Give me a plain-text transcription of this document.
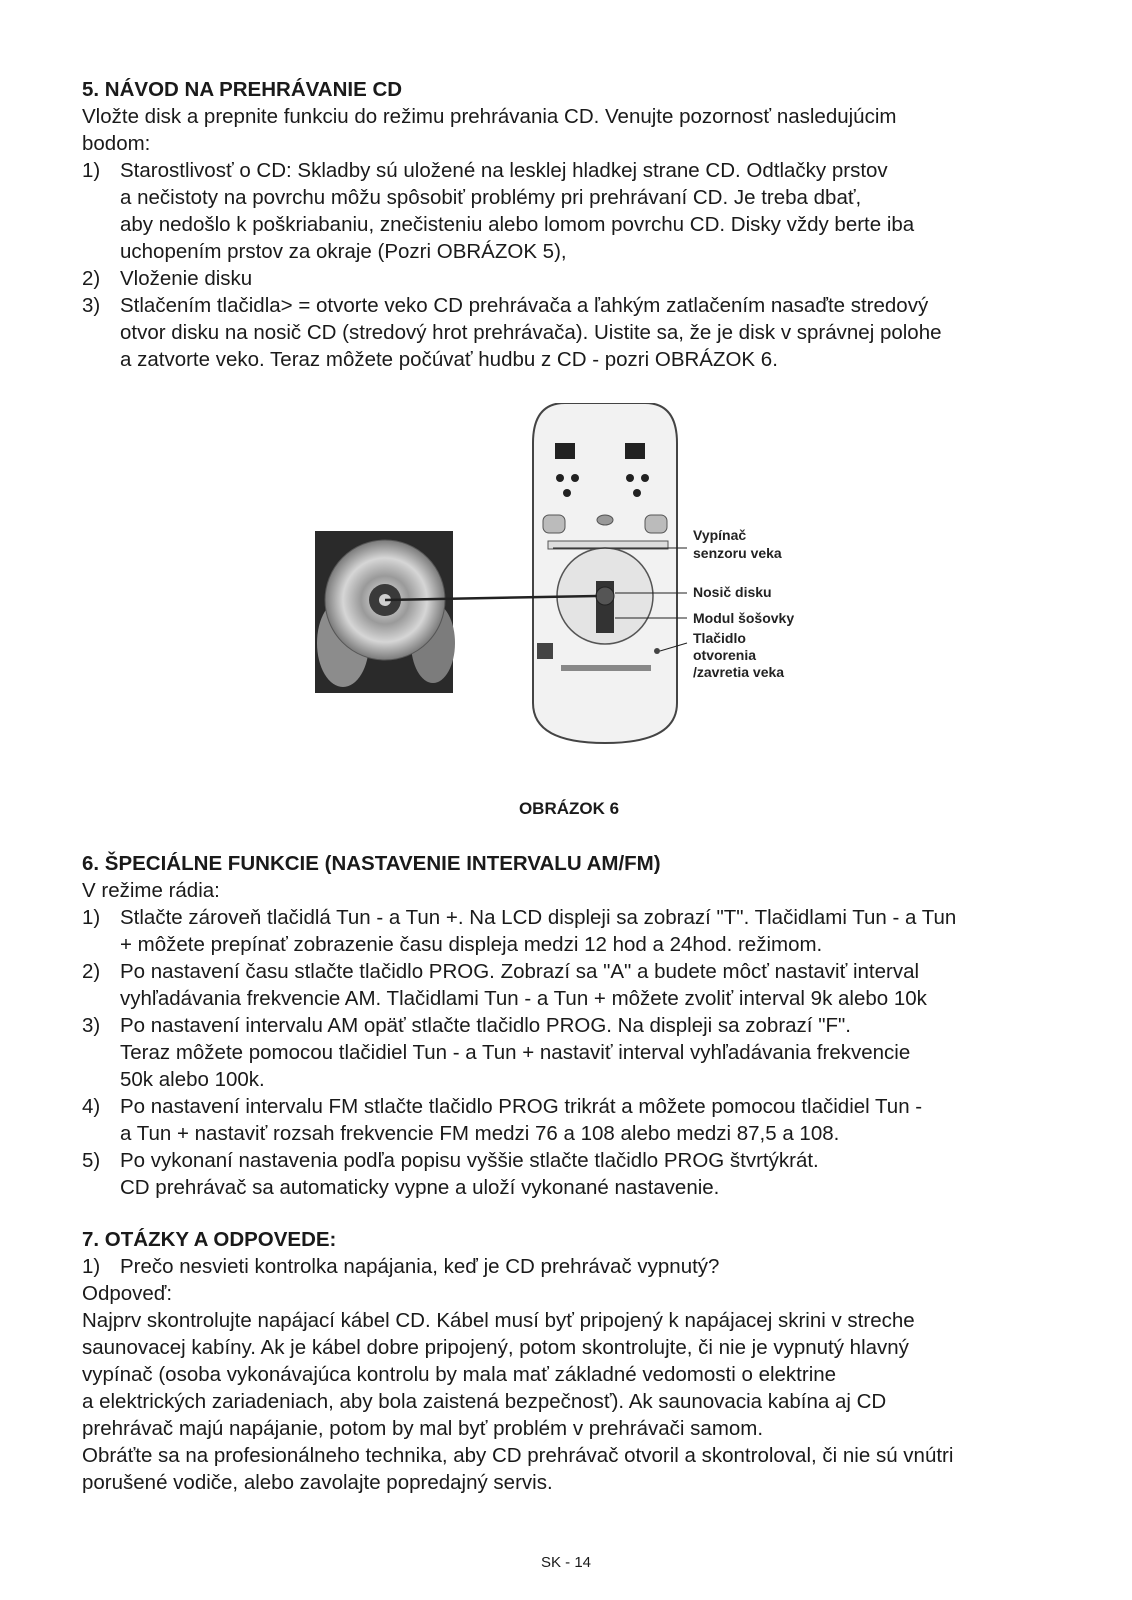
5. NÁVOD NA PREHRÁVANIE CD

Vložte disk a prepnite funkciu do režimu prehrávania CD. Venujte pozornosť nasledujúcim

bodom:

1) Starostlivosť o CD: Skladby sú uložené na lesklej hladkej strane CD. Odtlačky prstov

a nečistoty na povrchu môžu spôsobiť problémy pri prehrávaní CD. Je treba dbať,

aby nedošlo k poškriabaniu, znečisteniu alebo lomom povrchu CD. Disky vždy berte iba

uchopením prstov za okraje (Pozri OBRÁZOK 5),

2) Vloženie disku

3) Stlačením tlačidla> = otvorte veko CD prehrávača a ľahkým zatlačením nasaďte stredový

otvor disku na nosič CD (stredový hrot prehrávača). Uistite sa, že je disk v správnej polohe

a zatvorte veko. Teraz môžete počúvať hudbu z CD - pozri OBRÁZOK 6.

Vypínač
senzoru veka
Nosič disku
Modul šošovky
Tlačidlo
otvorenia
/zavretia veka
OBRÁZOK 6
6. ŠPECIÁLNE FUNKCIE (NASTAVENIE INTERVALU AM/FM)

V režime rádia:

1) Stlačte zároveň tlačidlá Tun - a Tun +. Na LCD displeji sa zobrazí "T". Tlačidlami Tun - a Tun

+ môžete prepínať zobrazenie času displeja medzi 12 hod a 24hod. režimom.

2) Po nastavení času stlačte tlačidlo PROG. Zobrazí sa "A" a budete môcť nastaviť interval

vyhľadávania frekvencie AM. Tlačidlami Tun - a Tun + môžete zvoliť interval 9k alebo 10k

3) Po nastavení intervalu AM opäť stlačte tlačidlo PROG. Na displeji sa zobrazí "F".

Teraz môžete pomocou tlačidiel Tun - a Tun + nastaviť interval vyhľadávania frekvencie

50k alebo 100k.

4) Po nastavení intervalu FM stlačte tlačidlo PROG trikrát a môžete pomocou tlačidiel Tun -

a Tun + nastaviť rozsah frekvencie FM medzi 76 a 108 alebo medzi 87,5 a 108.

5) Po vykonaní nastavenia podľa popisu vyššie stlačte tlačidlo PROG štvrtýkrát.

CD prehrávač sa automaticky vypne a uloží vykonané nastavenie.

7. OTÁZKY A ODPOVEDE:
1) Prečo nesvieti kontrolka napájania, keď je CD prehrávač vypnutý?

Odpoveď:

Najprv skontrolujte napájací kábel CD. Kábel musí byť pripojený k napájacej skrini v streche

saunovacej kabíny. Ak je kábel dobre pripojený, potom skontrolujte, či nie je vypnutý hlavný

vypínač (osoba vykonávajúca kontrolu by mala mať základné vedomosti o elektrine

a elektrických zariadeniach, aby bola zaistená bezpečnosť). Ak saunovacia kabína aj CD

prehrávač majú napájanie, potom by mal byť problém v prehrávači samom.

Obráťte sa na profesionálneho technika, aby CD prehrávač otvoril a skontroloval, či nie sú vnútri

porušené vodiče, alebo zavolajte popredajný servis.

SK - 14
